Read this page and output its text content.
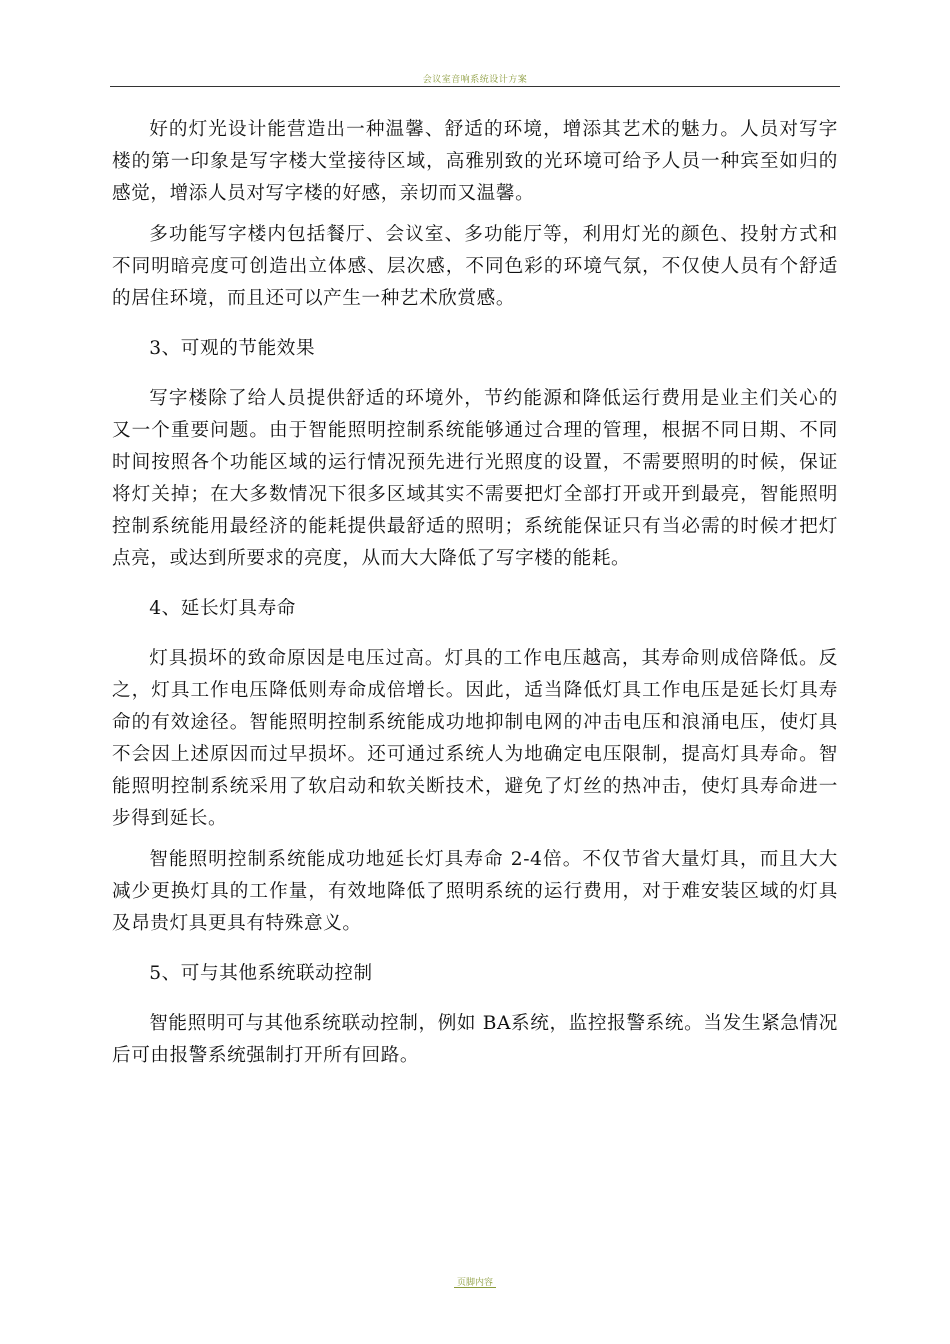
会议室音响系统设计方案

好的灯光设计能营造出一种温馨、舒适的环境，增添其艺术的魅力。人员对写字楼的第一印象是写字楼大堂接待区域，高雅别致的光环境可给予人员一种宾至如归的感觉，增添人员对写字楼的好感，亲切而又温馨。

多功能写字楼内包括餐厅、会议室、多功能厅等，利用灯光的颜色、投射方式和不同明暗亮度可创造出立体感、层次感，不同色彩的环境气氛，不仅使人员有个舒适的居住环境，而且还可以产生一种艺术欣赏感。

3、可观的节能效果

写字楼除了给人员提供舒适的环境外，节约能源和降低运行费用是业主们关心的又一个重要问题。由于智能照明控制系统能够通过合理的管理，根据不同日期、不同时间按照各个功能区域的运行情况预先进行光照度的设置，不需要照明的时候，保证将灯关掉；在大多数情况下很多区域其实不需要把灯全部打开或开到最亮，智能照明控制系统能用最经济的能耗提供最舒适的照明；系统能保证只有当必需的时候才把灯点亮，或达到所要求的亮度，从而大大降低了写字楼的能耗。

4、延长灯具寿命

灯具损坏的致命原因是电压过高。灯具的工作电压越高，其寿命则成倍降低。反之，灯具工作电压降低则寿命成倍增长。因此，适当降低灯具工作电压是延长灯具寿命的有效途径。智能照明控制系统能成功地抑制电网的冲击电压和浪涌电压，使灯具不会因上述原因而过早损坏。还可通过系统人为地确定电压限制，提高灯具寿命。智能照明控制系统采用了软启动和软关断技术，避免了灯丝的热冲击，使灯具寿命进一步得到延长。

智能照明控制系统能成功地延长灯具寿命 2-4倍。不仅节省大量灯具，而且大大减少更换灯具的工作量，有效地降低了照明系统的运行费用，对于难安装区域的灯具及昂贵灯具更具有特殊意义。

5、可与其他系统联动控制

智能照明可与其他系统联动控制，例如 BA系统，监控报警系统。当发生紧急情况后可由报警系统强制打开所有回路。

页脚内容
